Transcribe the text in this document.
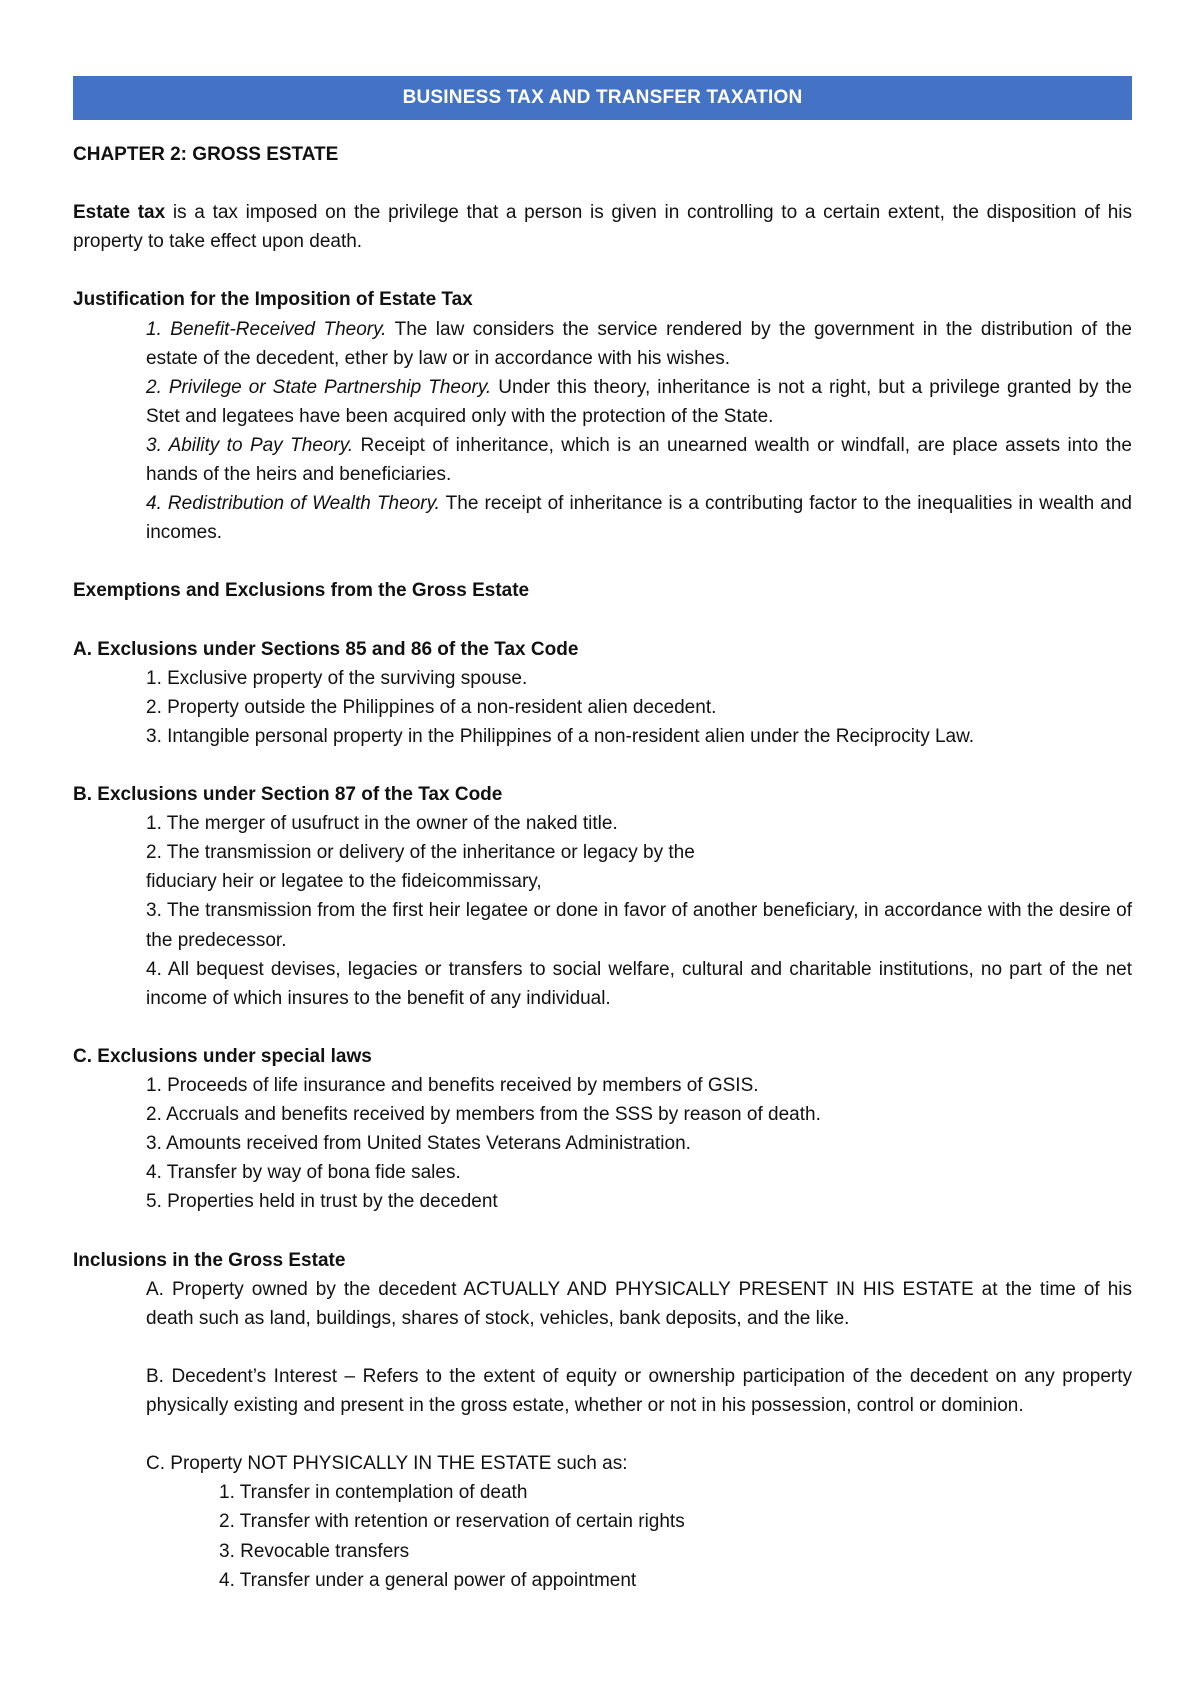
BUSINESS TAX AND TRANSFER TAXATION

CHAPTER 2: GROSS ESTATE

Estate tax is a tax imposed on the privilege that a person is given in controlling to a certain extent, the disposition of his property to take effect upon death.

Justification for the Imposition of Estate Tax

1. Benefit-Received Theory. The law considers the service rendered by the government in the distribution of the estate of the decedent, ether by law or in accordance with his wishes.

2. Privilege or State Partnership Theory. Under this theory, inheritance is not a right, but a privilege granted by the Stet and legatees have been acquired only with the protection of the State.

3. Ability to Pay Theory. Receipt of inheritance, which is an unearned wealth or windfall, are place assets into the hands of the heirs and beneficiaries.

4. Redistribution of Wealth Theory. The receipt of inheritance is a contributing factor to the inequalities in wealth and incomes.

Exemptions and Exclusions from the Gross Estate

A. Exclusions under Sections 85 and 86 of the Tax Code

1. Exclusive property of the surviving spouse.

2. Property outside the Philippines of a non-resident alien decedent.

3. Intangible personal property in the Philippines of a non-resident alien under the Reciprocity Law.

B. Exclusions under Section 87 of the Tax Code

1. The merger of usufruct in the owner of the naked title.

2. The transmission or delivery of the inheritance or legacy by the

fiduciary heir or legatee to the fideicommissary,

3. The transmission from the first heir legatee or done in favor of another beneficiary, in accordance with the desire of the predecessor.

4. All bequest devises, legacies or transfers to social welfare, cultural and charitable institutions, no part of the net income of which insures to the benefit of any individual.

C. Exclusions under special laws

1. Proceeds of life insurance and benefits received by members of GSIS.

2. Accruals and benefits received by members from the SSS by reason of death.

3. Amounts received from United States Veterans Administration.

4. Transfer by way of bona fide sales.

5. Properties held in trust by the decedent

Inclusions in the Gross Estate

A. Property owned by the decedent ACTUALLY AND PHYSICALLY PRESENT IN HIS ESTATE at the time of his death such as land, buildings, shares of stock, vehicles, bank deposits, and the like.

B. Decedent’s Interest – Refers to the extent of equity or ownership participation of the decedent on any property physically existing and present in the gross estate, whether or not in his possession, control or dominion.

C. Property NOT PHYSICALLY IN THE ESTATE such as:

1. Transfer in contemplation of death

2. Transfer with retention or reservation of certain rights

3. Revocable transfers

4. Transfer under a general power of appointment
